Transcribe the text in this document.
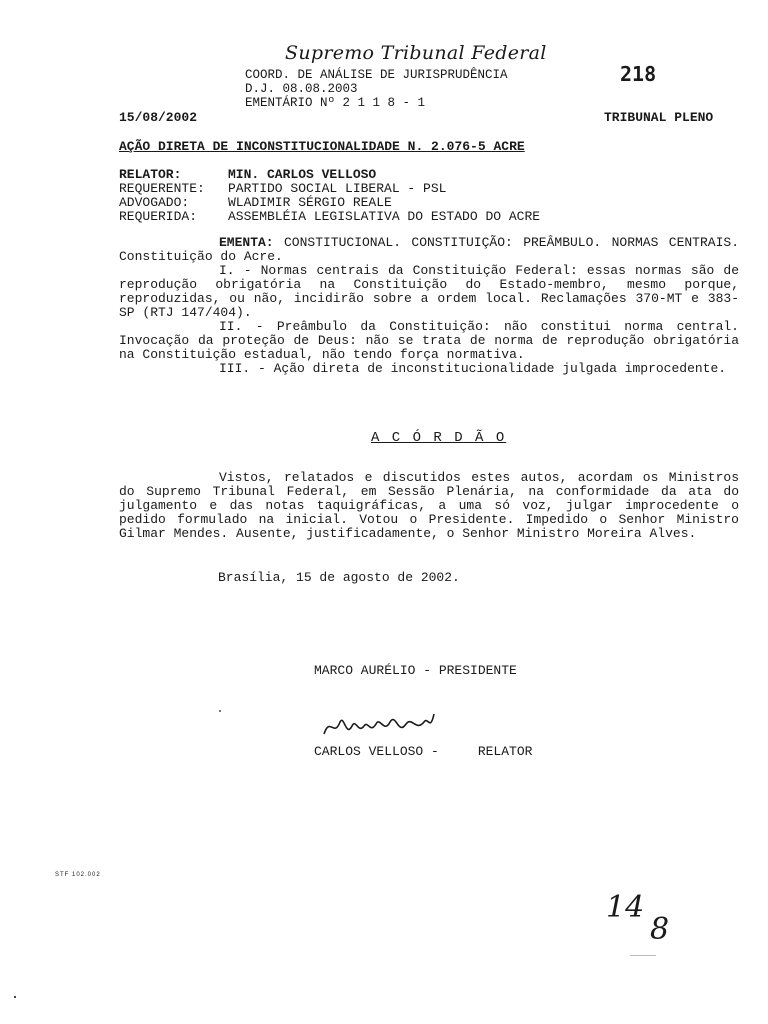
Supremo Tribunal Federal
COORD. DE ANÁLISE DE JURISPRUDÊNCIA
D.J. 08.08.2003
EMENTÁRIO Nº 2 1 1 8 - 1
218
15/08/2002	TRIBUNAL PLENO
AÇÃO DIRETA DE INCONSTITUCIONALIDADE N. 2.076-5 ACRE
RELATOR:	MIN. CARLOS VELLOSO
REQUERENTE:	PARTIDO SOCIAL LIBERAL - PSL
ADVOGADO:	WLADIMIR SÉRGIO REALE
REQUERIDA:	ASSEMBLÉIA LEGISLATIVA DO ESTADO DO ACRE

EMENTA: CONSTITUCIONAL. CONSTITUIÇÃO: PREÂMBULO. NORMAS CENTRAIS. Constituição do Acre.

I. - Normas centrais da Constituição Federal: essas normas são de reprodução obrigatória na Constituição do Estado-membro, mesmo porque, reproduzidas, ou não, incidirão sobre a ordem local. Reclamações 370-MT e 383-SP (RTJ 147/404).

II. - Preâmbulo da Constituição: não constitui norma central. Invocação da proteção de Deus: não se trata de norma de reprodução obrigatória na Constituição estadual, não tendo força normativa.

III. - Ação direta de inconstitucionalidade julgada improcedente.

A C Ó R D Ã O

Vistos, relatados e discutidos estes autos, acordam os Ministros do Supremo Tribunal Federal, em Sessão Plenária, na conformidade da ata do julgamento e das notas taquigráficas, a uma só voz, julgar improcedente o pedido formulado na inicial. Votou o Presidente. Impedido o Senhor Ministro Gilmar Mendes. Ausente, justificadamente, o Senhor Ministro Moreira Alves.

Brasília, 15 de agosto de 2002.
MARCO AURÉLIO - PRESIDENTE
CARLOS VELLOSO -     RELATOR
STF 102.002
14
8
